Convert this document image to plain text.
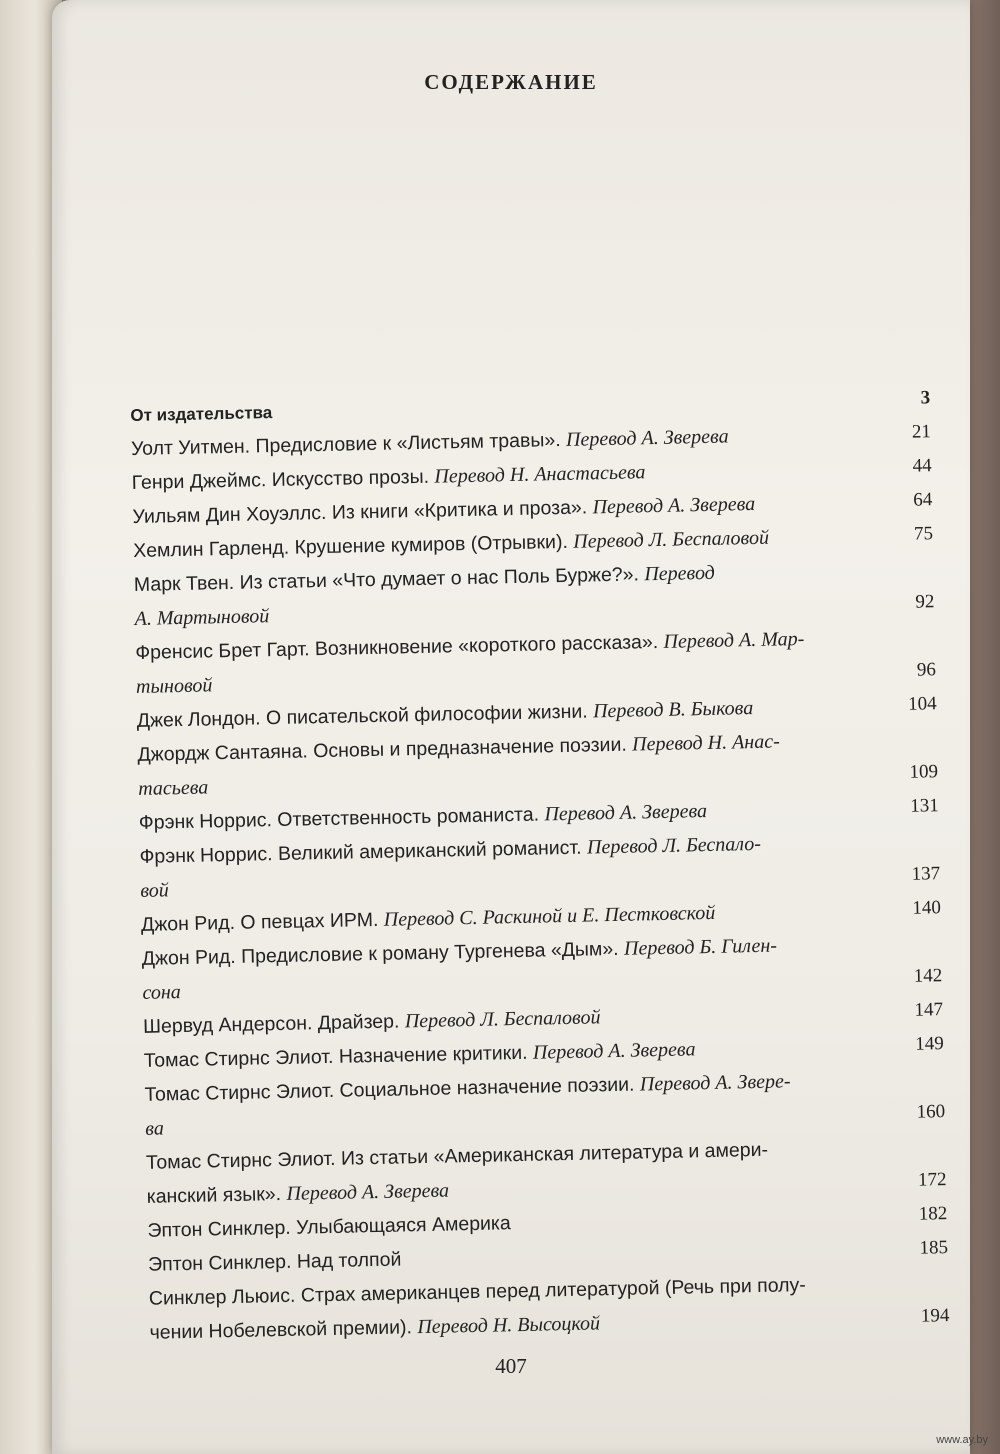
СОДЕРЖАНИЕ
От издательства
3
Уолт Уитмен. Предисловие к «Листьям травы». Перевод А. Зверева	21
Генри Джеймс. Искусство прозы. Перевод Н. Анастасьева	44
Уильям Дин Хоуэллс. Из книги «Критика и проза». Перевод А. Зверева	64
Хемлин Гарленд. Крушение кумиров (Отрывки). Перевод Л. Беспаловой	75
Марк Твен. Из статьи «Что думает о нас Поль Бурже?». Перевод
А. Мартыновой
92
Френсис Брет Гарт. Возникновение «короткого рассказа». Перевод А. Мар-
тыновой
96
Джек Лондон. О писательской философии жизни. Перевод В. Быкова	104
Джордж Сантаяна. Основы и предназначение поэзии. Перевод Н. Анас-
тасьева
109
Фрэнк Норрис. Ответственность романиста. Перевод А. Зверева	131
Фрэнк Норрис. Великий американский романист. Перевод Л. Беспало-
вой
137
Джон Рид. О певцах ИРМ. Перевод С. Раскиной и Е. Пестковской	140
Джон Рид. Предисловие к роману Тургенева «Дым». Перевод Б. Гилен-
сона
142
Шервуд Андерсон. Драйзер. Перевод Л. Беспаловой	147
Томас Стирнс Элиот. Назначение критики. Перевод А. Зверева	149
Томас Стирнс Элиот. Социальное назначение поэзии. Перевод А. Звере-
ва
160
Томас Стирнс Элиот. Из статьи «Американская литература и амери-
канский язык». Перевод А. Зверева	172
Эптон Синклер. Улыбающаяся Америка	182
Эптон Синклер. Над толпой
185
Синклер Льюис. Страх американцев перед литературой (Речь при полу-
чении Нобелевской премии). Перевод Н. Высоцкой	194
407
www.ay.by
